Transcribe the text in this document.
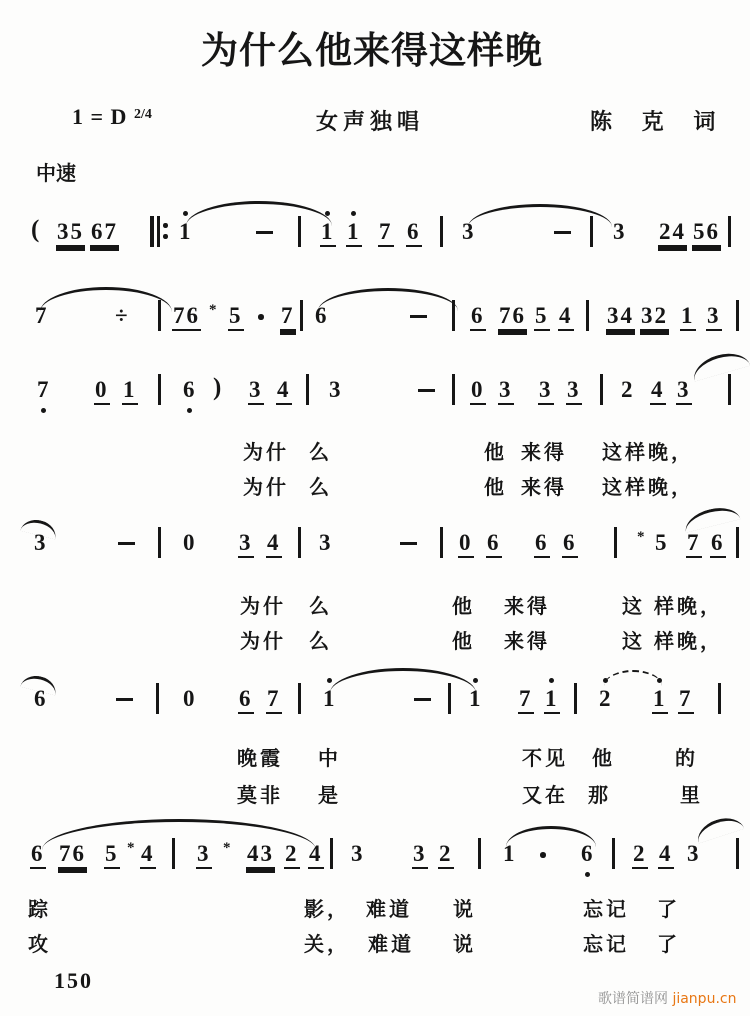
为什么他来得这样晚
1 = D $^{2/4}$	女声独唱	陈 克 词
中速
( 35 67	1	1 1 7 6 3	3 24 56
7	÷ 76 * 5 7 6	6 76 5 4 34 32 1 3
7 0 1 6 ) 3 4 3	0 3 3 3 2 4 3
3	0 3 4 3	0 6 6 6	* 5 7 6
6	0 6 7 1	1 7 1 2 1 7
6 76 5 * 4 3 * 43 2 4 3 3 2 1	6 2 4 3
为什 么	他 来得 这样晚，
为什 么	他 来得 这样晚，
为什 么	他 来得	这 样晚，
为什 么	他 来得	这 样晚，
晚霞 中	不见 他	的
莫非 是	又在 那	里
踪	影， 难道 说	忘记 了
攻	关， 难道 说	忘记 了
150
歌谱简谱网 jianpu.cn
